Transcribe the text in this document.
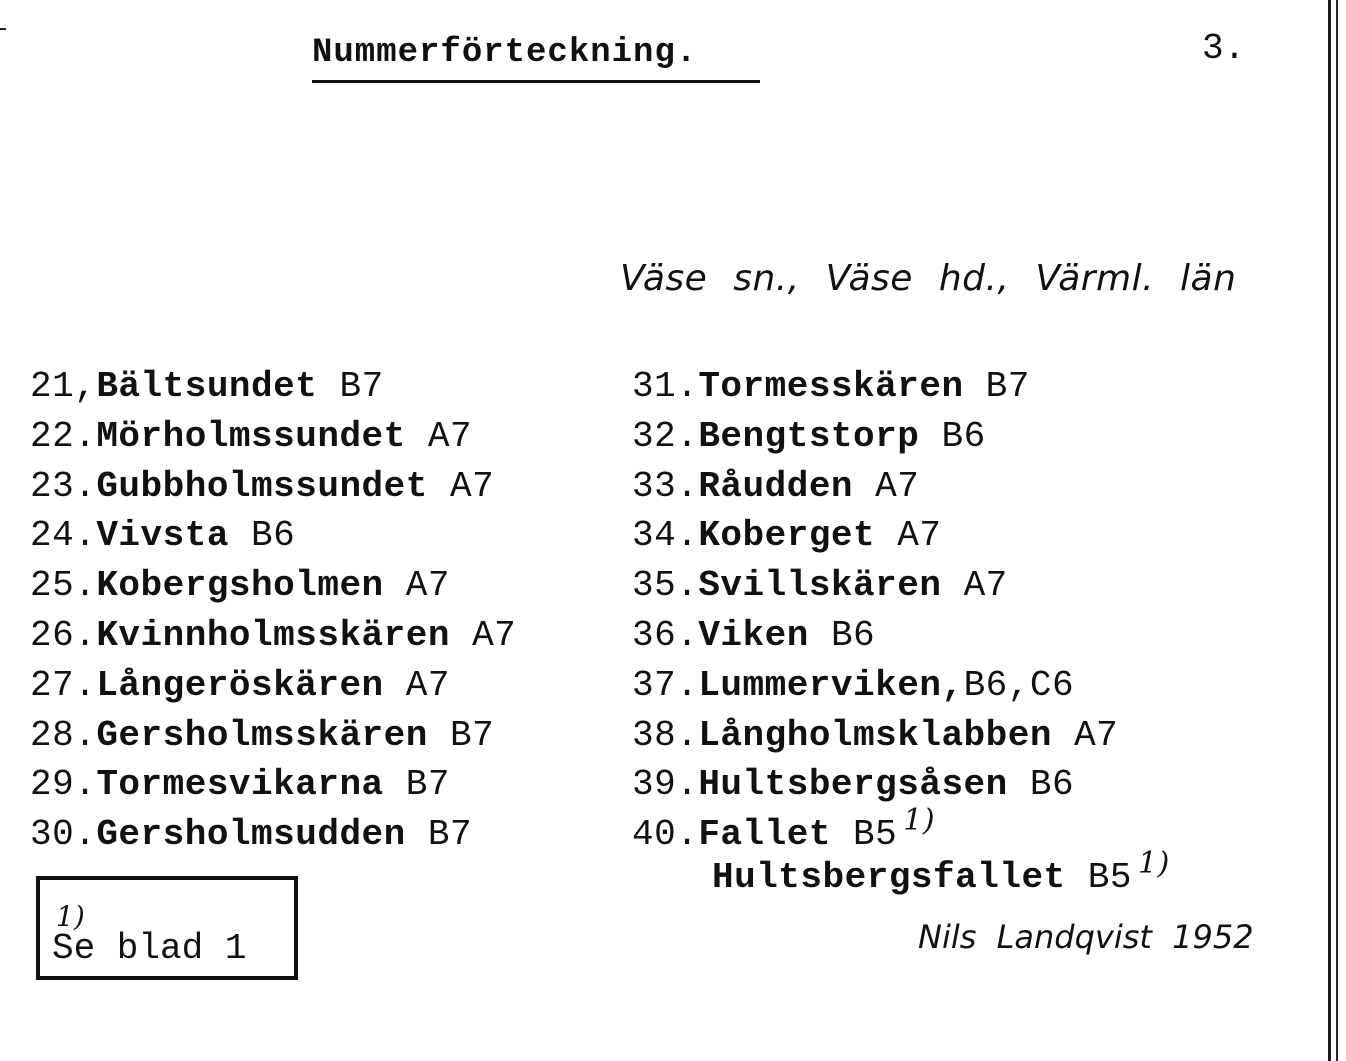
Nummerförteckning.	3.
Väse sn., Väse hd., Värml. län
21,Bältsundet B7
22.Mörholmssundet A7
23.Gubbholmssundet A7
24.Vivsta B6
25.Kobergsholmen A7
26.Kvinnholmsskären A7
27.Långeröskären A7
28.Gersholmsskären B7
29.Tormesvikarna B7
30.Gersholmsudden B7
31.Tormesskären B7
32.Bengtstorp B6
33.Råudden A7
34.Koberget A7
35.Svillskären A7
36.Viken B6
37.Lummerviken,B6,C6
38.Långholmsklabben A7
39.Hultsbergsåsen B6
40.Fallet B5 $^{1)}$
Hultsbergsfallet B5 $^{1)}$
Nils Landqvist 1952
1)
Se blad 1
